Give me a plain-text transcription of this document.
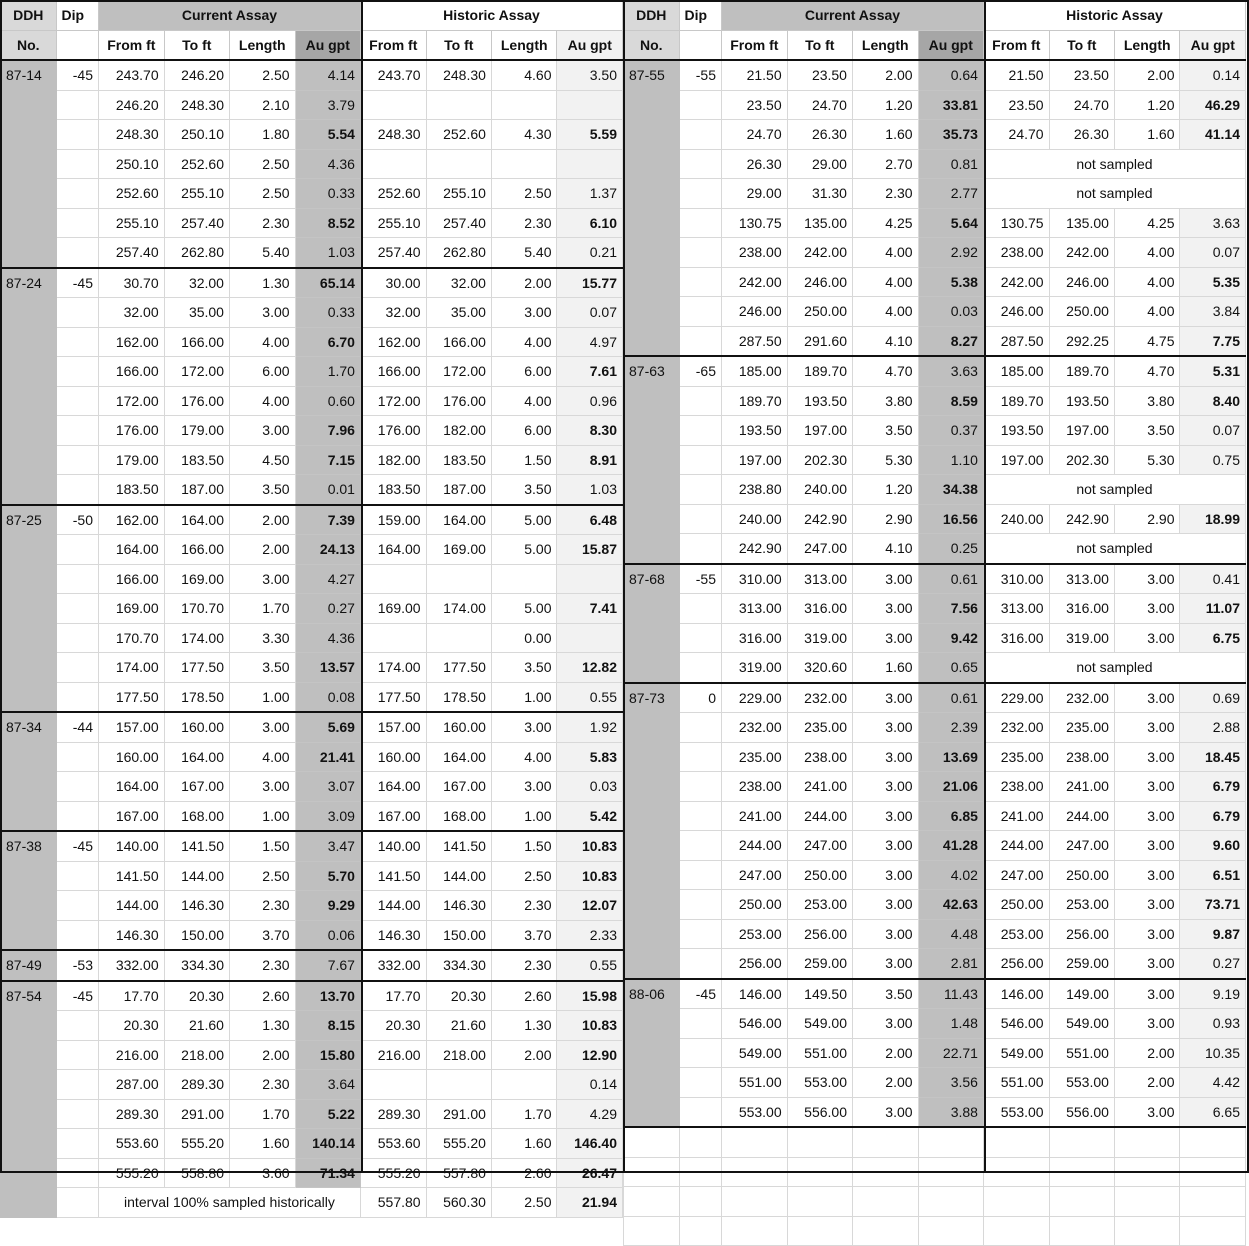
DDH	Dip	Current Assay				Historic Assay			
No.		From ft	To ft	Length	Au gpt	From ft	To ft	Length	Au gpt
87-14	-45	243.70	246.20	2.50	4.14	243.70	248.30	4.60	3.50
		246.20	248.30	2.10	3.79				
		248.30	250.10	1.80	5.54	248.30	252.60	4.30	5.59
		250.10	252.60	2.50	4.36				
		252.60	255.10	2.50	0.33	252.60	255.10	2.50	1.37
		255.10	257.40	2.30	8.52	255.10	257.40	2.30	6.10
		257.40	262.80	5.40	1.03	257.40	262.80	5.40	0.21
87-24	-45	30.70	32.00	1.30	65.14	30.00	32.00	2.00	15.77
		32.00	35.00	3.00	0.33	32.00	35.00	3.00	0.07
		162.00	166.00	4.00	6.70	162.00	166.00	4.00	4.97
		166.00	172.00	6.00	1.70	166.00	172.00	6.00	7.61
		172.00	176.00	4.00	0.60	172.00	176.00	4.00	0.96
		176.00	179.00	3.00	7.96	176.00	182.00	6.00	8.30
		179.00	183.50	4.50	7.15	182.00	183.50	1.50	8.91
		183.50	187.00	3.50	0.01	183.50	187.00	3.50	1.03
87-25	-50	162.00	164.00	2.00	7.39	159.00	164.00	5.00	6.48
		164.00	166.00	2.00	24.13	164.00	169.00	5.00	15.87
		166.00	169.00	3.00	4.27				
		169.00	170.70	1.70	0.27	169.00	174.00	5.00	7.41
		170.70	174.00	3.30	4.36			0.00	
		174.00	177.50	3.50	13.57	174.00	177.50	3.50	12.82
		177.50	178.50	1.00	0.08	177.50	178.50	1.00	0.55
87-34	-44	157.00	160.00	3.00	5.69	157.00	160.00	3.00	1.92
		160.00	164.00	4.00	21.41	160.00	164.00	4.00	5.83
		164.00	167.00	3.00	3.07	164.00	167.00	3.00	0.03
		167.00	168.00	1.00	3.09	167.00	168.00	1.00	5.42
87-38	-45	140.00	141.50	1.50	3.47	140.00	141.50	1.50	10.83
		141.50	144.00	2.50	5.70	141.50	144.00	2.50	10.83
		144.00	146.30	2.30	9.29	144.00	146.30	2.30	12.07
		146.30	150.00	3.70	0.06	146.30	150.00	3.70	2.33
87-49	-53	332.00	334.30	2.30	7.67	332.00	334.30	2.30	0.55
87-54	-45	17.70	20.30	2.60	13.70	17.70	20.30	2.60	15.98
		20.30	21.60	1.30	8.15	20.30	21.60	1.30	10.83
		216.00	218.00	2.00	15.80	216.00	218.00	2.00	12.90
		287.00	289.30	2.30	3.64				0.14
		289.30	291.00	1.70	5.22	289.30	291.00	1.70	4.29
		553.60	555.20	1.60	140.14	553.60	555.20	1.60	146.40
		555.20	558.80	3.60	71.34	555.20	557.80	2.60	26.47
		interval 100% sampled historically				557.80	560.30	2.50	21.94
DDH	Dip	Current Assay				Historic Assay			
No.		From ft	To ft	Length	Au gpt	From ft	To ft	Length	Au gpt
87-55	-55	21.50	23.50	2.00	0.64	21.50	23.50	2.00	0.14
		23.50	24.70	1.20	33.81	23.50	24.70	1.20	46.29
		24.70	26.30	1.60	35.73	24.70	26.30	1.60	41.14
		26.30	29.00	2.70	0.81	not sampled			
		29.00	31.30	2.30	2.77	not sampled			
		130.75	135.00	4.25	5.64	130.75	135.00	4.25	3.63
		238.00	242.00	4.00	2.92	238.00	242.00	4.00	0.07
		242.00	246.00	4.00	5.38	242.00	246.00	4.00	5.35
		246.00	250.00	4.00	0.03	246.00	250.00	4.00	3.84
		287.50	291.60	4.10	8.27	287.50	292.25	4.75	7.75
87-63	-65	185.00	189.70	4.70	3.63	185.00	189.70	4.70	5.31
		189.70	193.50	3.80	8.59	189.70	193.50	3.80	8.40
		193.50	197.00	3.50	0.37	193.50	197.00	3.50	0.07
		197.00	202.30	5.30	1.10	197.00	202.30	5.30	0.75
		238.80	240.00	1.20	34.38	not sampled			
		240.00	242.90	2.90	16.56	240.00	242.90	2.90	18.99
		242.90	247.00	4.10	0.25	not sampled			
87-68	-55	310.00	313.00	3.00	0.61	310.00	313.00	3.00	0.41
		313.00	316.00	3.00	7.56	313.00	316.00	3.00	11.07
		316.00	319.00	3.00	9.42	316.00	319.00	3.00	6.75
		319.00	320.60	1.60	0.65	not sampled			
87-73	0	229.00	232.00	3.00	0.61	229.00	232.00	3.00	0.69
		232.00	235.00	3.00	2.39	232.00	235.00	3.00	2.88
		235.00	238.00	3.00	13.69	235.00	238.00	3.00	18.45
		238.00	241.00	3.00	21.06	238.00	241.00	3.00	6.79
		241.00	244.00	3.00	6.85	241.00	244.00	3.00	6.79
		244.00	247.00	3.00	41.28	244.00	247.00	3.00	9.60
		247.00	250.00	3.00	4.02	247.00	250.00	3.00	6.51
		250.00	253.00	3.00	42.63	250.00	253.00	3.00	73.71
		253.00	256.00	3.00	4.48	253.00	256.00	3.00	9.87
		256.00	259.00	3.00	2.81	256.00	259.00	3.00	0.27
88-06	-45	146.00	149.50	3.50	11.43	146.00	149.00	3.00	9.19
		546.00	549.00	3.00	1.48	546.00	549.00	3.00	0.93
		549.00	551.00	2.00	22.71	549.00	551.00	2.00	10.35
		551.00	553.00	2.00	3.56	551.00	553.00	2.00	4.42
		553.00	556.00	3.00	3.88	553.00	556.00	3.00	6.65
